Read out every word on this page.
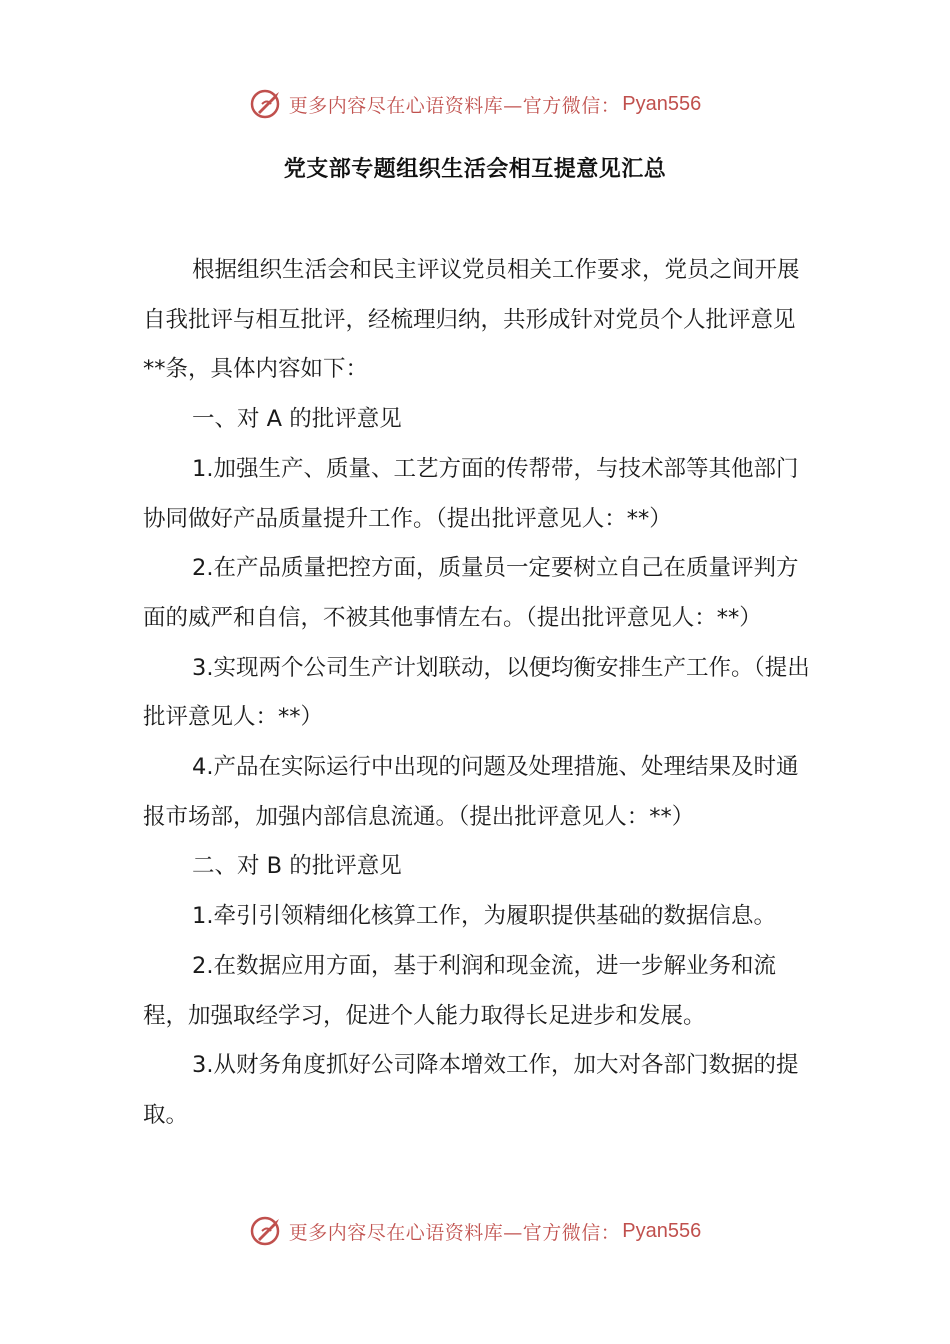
更多内容尽在心语资料库—官方微信： Pyan556
党支部专题组织生活会相互提意见汇总

根据组织生活会和民主评议党员相关工作要求，党员之间开展自我批评与相互批评，经梳理归纳，共形成针对党员个人批评意见**条，具体内容如下：

一、对 A 的批评意见

1.加强生产、质量、工艺方面的传帮带，与技术部等其他部门协同做好产品质量提升工作。（提出批评意见人：**）

2.在产品质量把控方面，质量员一定要树立自己在质量评判方面的威严和自信，不被其他事情左右。（提出批评意见人：**）

3.实现两个公司生产计划联动，以便均衡安排生产工作。（提出批评意见人：**）

4.产品在实际运行中出现的问题及处理措施、处理结果及时通报市场部，加强内部信息流通。（提出批评意见人：**）

二、对 B 的批评意见

1.牵引引领精细化核算工作，为履职提供基础的数据信息。

2.在数据应用方面，基于利润和现金流，进一步解业务和流程，加强取经学习，促进个人能力取得长足进步和发展。

3.从财务角度抓好公司降本增效工作，加大对各部门数据的提取。

更多内容尽在心语资料库—官方微信： Pyan556
